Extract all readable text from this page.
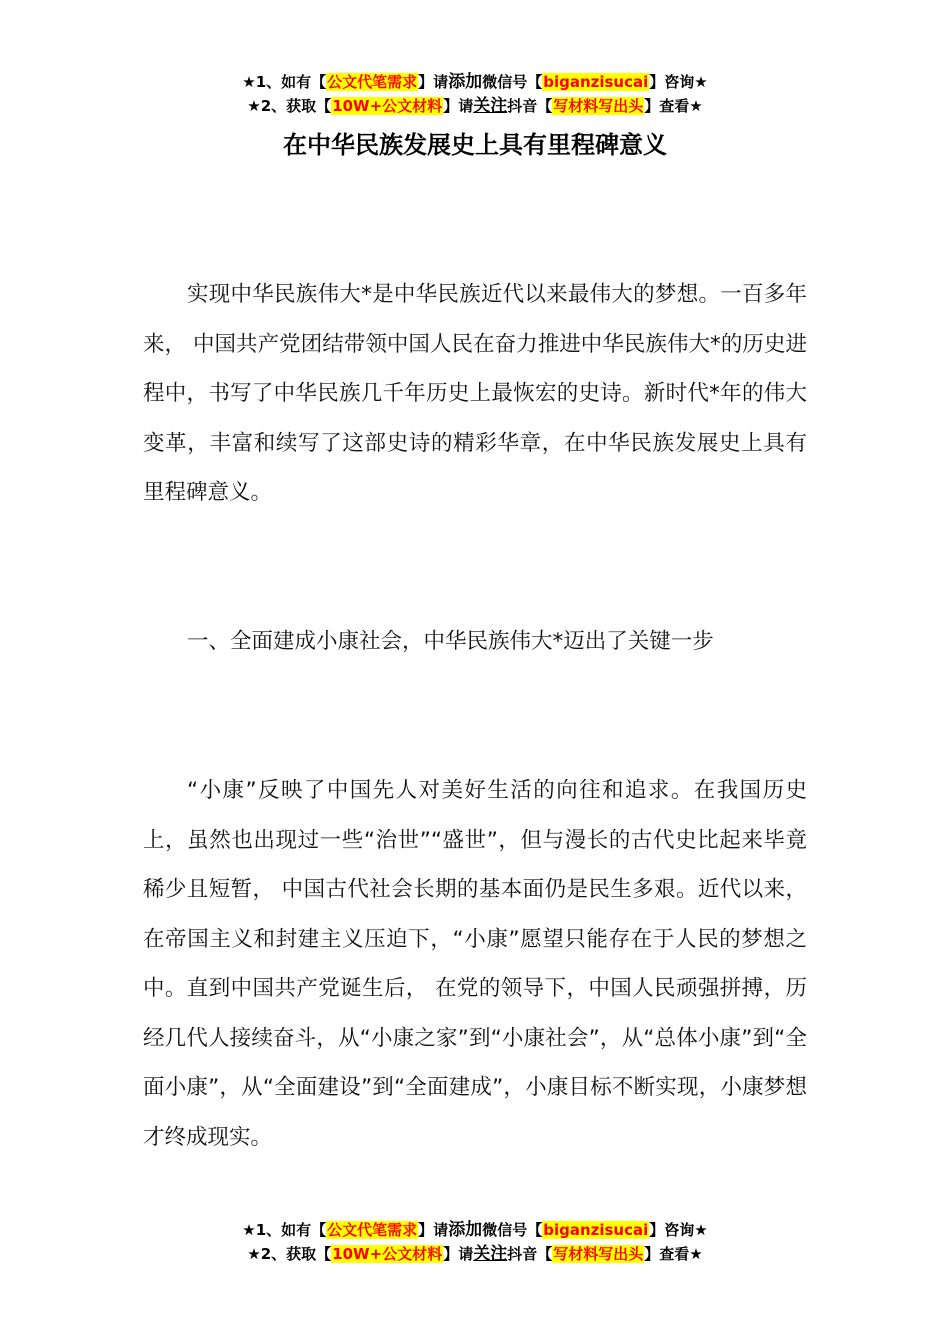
★1、如有【公文代笔需求】请添加微信号【biganzisucai】咨询★
★2、获取【10W+公文材料】请关注抖音【写材料写出头】查看★
在中华民族发展史上具有里程碑意义

实现中华民族伟大*是中华民族近代以来最伟大的梦想。一百多年来， 中国共产党团结带领中国人民在奋力推进中华民族伟大*的历史进程中，书写了中华民族几千年历史上最恢宏的史诗。新时代*年的伟大变革，丰富和续写了这部史诗的精彩华章，在中华民族发展史上具有里程碑意义。

一、全面建成小康社会，中华民族伟大*迈出了关键一步

“小康”反映了中国先人对美好生活的向往和追求。在我国历史上，虽然也出现过一些“治世”“盛世”，但与漫长的古代史比起来毕竟稀少且短暂， 中国古代社会长期的基本面仍是民生多艰。近代以来，在帝国主义和封建主义压迫下，“小康”愿望只能存在于人民的梦想之中。直到中国共产党诞生后， 在党的领导下，中国人民顽强拼搏，历经几代人接续奋斗，从“小康之家”到“小康社会”，从“总体小康”到“全面小康”，从“全面建设”到“全面建成”，小康目标不断实现，小康梦想才终成现实。

★1、如有【公文代笔需求】请添加微信号【biganzisucai】咨询★
★2、获取【10W+公文材料】请关注抖音【写材料写出头】查看★
